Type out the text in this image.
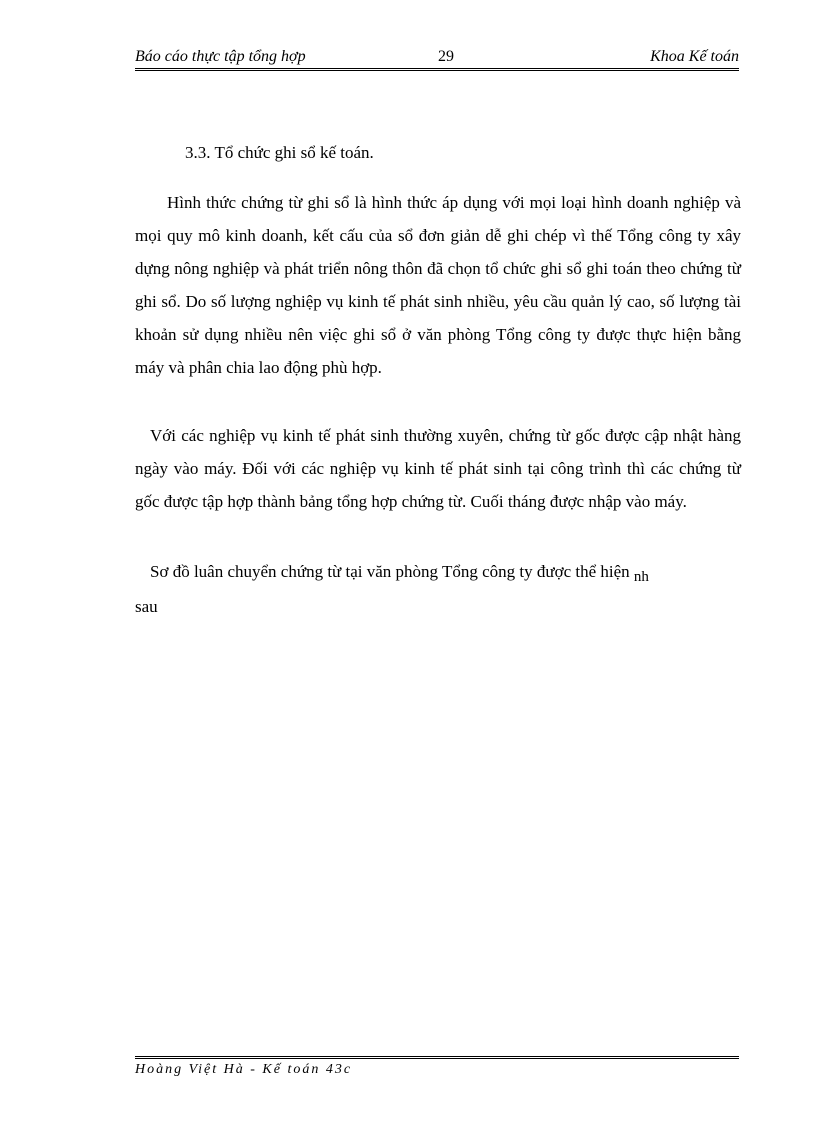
Báo cáo thực tập tổng hợp	29	Khoa Kế toán
3.3. Tổ chức ghi sổ kế toán.
Hình thức chứng từ ghi sổ là hình thức áp dụng với mọi loại hình doanh nghiệp và mọi quy mô kinh doanh, kết cấu của sổ đơn giản dễ ghi chép vì thế Tổng công ty xây dựng nông nghiệp và phát triển nông thôn đã chọn tổ chức ghi sổ ghi toán theo chứng từ ghi sổ. Do số lượng nghiệp vụ kinh tế phát sinh nhiều, yêu cầu quản lý cao, số lượng tài khoản sử dụng nhiều nên việc ghi sổ ở văn phòng Tổng công ty được thực hiện bằng máy và phân chia lao động phù hợp.
Với các nghiệp vụ kinh tế phát sinh thường xuyên, chứng từ gốc được cập nhật hàng ngày vào máy. Đối với các nghiệp vụ kinh tế phát sinh tại công trình thì các chứng từ gốc được tập hợp thành bảng tổng hợp chứng từ. Cuối tháng được nhập vào máy.
Sơ đồ luân chuyển chứng từ tại văn phòng Tổng công ty được thể hiện nh
sau
Hoàng Việt Hà - Kế toán 43c
